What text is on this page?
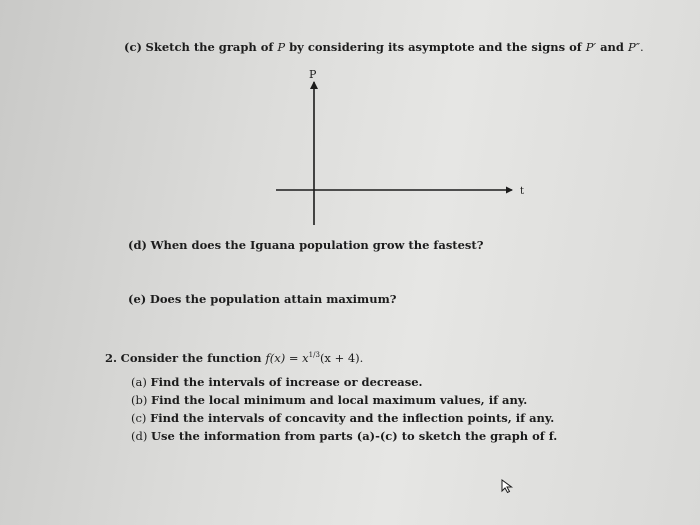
(c) Sketch the graph of P by considering its asymptote and the signs of P′ and P″.
P
t
(d) When does the Iguana population grow the fastest?
(e) Does the population attain maximum?
2. Consider the function $f(x) = x^{1/3}(x + 4)$.
(a) Find the intervals of increase or decrease.
(b) Find the local minimum and local maximum values, if any.
(c) Find the intervals of concavity and the inflection points, if any.
(d) Use the information from parts (a)-(c) to sketch the graph of f.
